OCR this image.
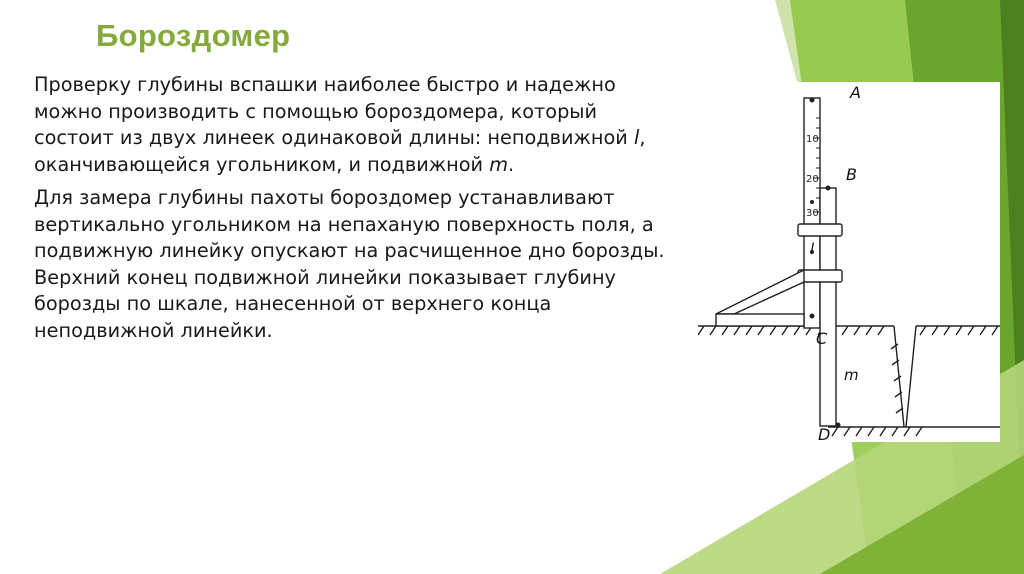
Бороздомер

Проверку глубины вспашки наиболее быстро и надежно можно производить с помощью бороздомера, который состоит из двух линеек одинаковой длины: неподвижной l, оканчивающейся угольником, и подвижной m.

Для замера глубины пахоты бороздомер устанавливают вертикально угольником на непаханую поверхность поля, а подвижную линейку опускают на расчищенное дно борозды. Верхний конец подвижной линейки показывает глубину борозды по шкале, нанесенной от верхнего конца неподвижной линейки.

10
20
30
A
B
C
D
l
m
